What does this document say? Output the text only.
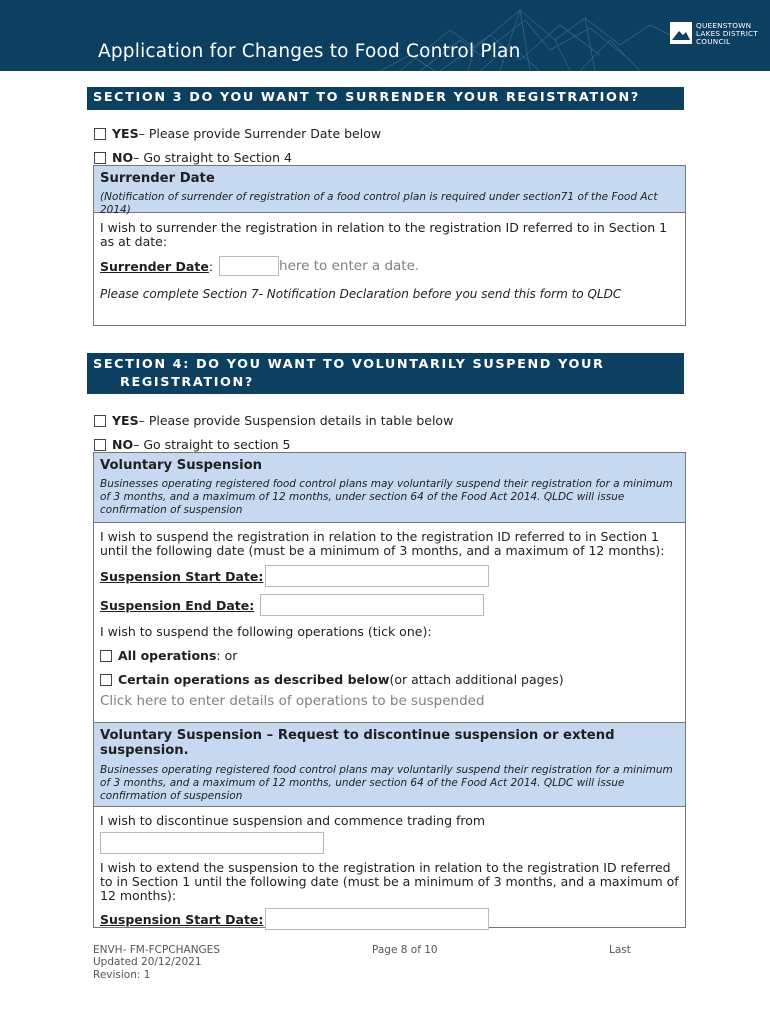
Application for Changes to Food Control Plan
QUEENSTOWN
LAKES DISTRICT
COUNCIL
SECTION 3 DO YOU WANT TO SURRENDER YOUR REGISTRATION?
YES – Please provide Surrender Date below
NO – Go straight to Section 4
Surrender Date
(Notification of surrender of registration of a food control plan is required under section71 of the Food Act 2014)
I wish to surrender the registration in relation to the registration ID referred to in Section 1 as at date:
Surrender Date :	here to enter a date.
Please complete Section 7- Notification Declaration before you send this form to QLDC
SECTION 4: DO YOU WANT TO VOLUNTARILY SUSPEND YOUR
REGISTRATION?
YES – Please provide Suspension details in table below
NO – Go straight to section 5
Voluntary Suspension
Businesses operating registered food control plans may voluntarily suspend their registration for a minimum of 3 months, and a maximum of 12 months, under section 64 of the Food Act 2014. QLDC will issue confirmation of suspension
I wish to suspend the registration in relation to the registration ID referred to in Section 1 until the following date (must be a minimum of 3 months, and a maximum of 12 months):
Suspension Start Date:
Suspension End Date:
I wish to suspend the following operations (tick one):
All operations : or
Certain operations as described below (or attach additional pages)
Click here to enter details of operations to be suspended
Voluntary Suspension – Request to discontinue suspension or extend suspension.
Businesses operating registered food control plans may voluntarily suspend their registration for a minimum of 3 months, and a maximum of 12 months, under section 64 of the Food Act 2014. QLDC will issue confirmation of suspension
I wish to discontinue suspension and commence trading from
I wish to extend the suspension to the registration in relation to the registration ID referred to in Section 1 until the following date (must be a minimum of 3 months, and a maximum of 12 months):
Suspension Start Date:
ENVH- FM-FCPCHANGES
Updated 20/12/2021
Revision: 1
Page 8 of 10	Last
